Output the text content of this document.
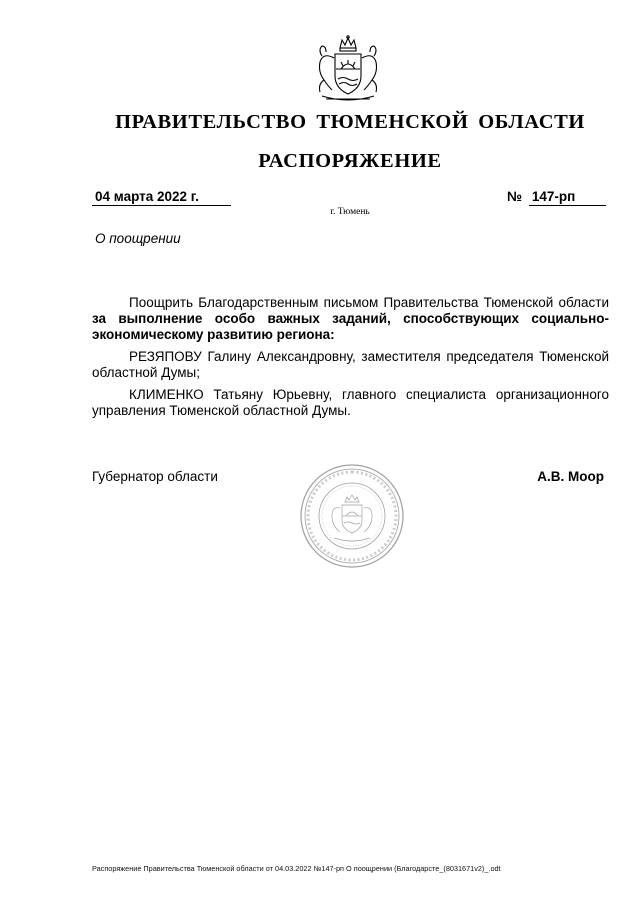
ПРАВИТЕЛЬСТВО ТЮМЕНСКОЙ ОБЛАСТИ
РАСПОРЯЖЕНИЕ
04 марта 2022 г.	№ 147-рп
г. Тюмень
О поощрении

Поощрить Благодарственным письмом Правительства Тюменской области за выполнение особо важных заданий, способствующих социально-экономическому развитию региона:

РЕЗЯПОВУ Галину Александровну, заместителя председателя Тюменской областной Думы;

КЛИМЕНКО Татьяну Юрьевну, главного специалиста организационного управления Тюменской областной Думы.

Губернатор области	А.В. Моор
Распоряжение Правительства Тюменской области от 04.03.2022 №147-рп О поощрении (Благодарсте_(8031671v2)_.odt
